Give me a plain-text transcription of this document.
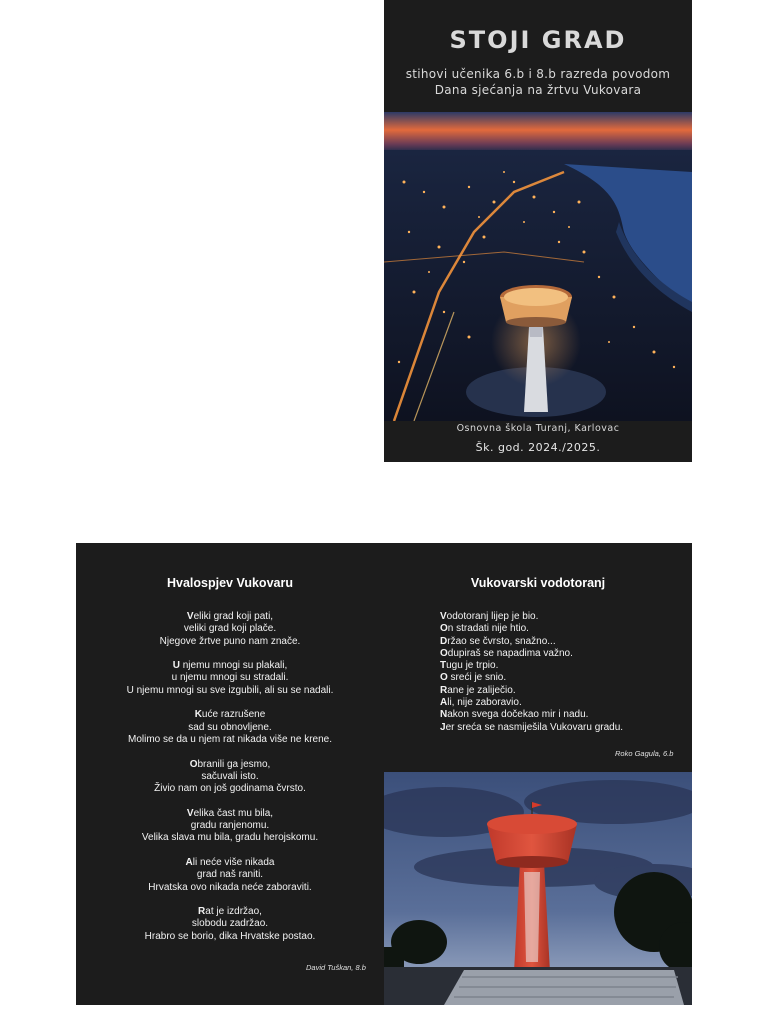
STOJI GRAD
stihovi učenika 6.b i 8.b razreda povodom
Dana sjećanja na žrtvu Vukovara
Osnovna škola Turanj, Karlovac
Šk. god. 2024./2025.
Hvalospjev Vukovaru
Veliki grad koji pati,
veliki grad koji plače.
Njegove žrtve puno nam znače.
U njemu mnogi su plakali,
u njemu mnogi su stradali.
U njemu mnogi su sve izgubili, ali su se nadali.
Kuće razrušene
sad su obnovljene.
Molimo se da u njem rat nikada više ne krene.
Obranili ga jesmo,
sačuvali isto.
Živio nam on još godinama čvrsto.
Velika čast mu bila,
gradu ranjenomu.
Velika slava mu bila, gradu herojskomu.
Ali neće više nikada
grad naš raniti.
Hrvatska ovo nikada neće zaboraviti.
Rat je izdržao,
slobodu zadržao.
Hrabro se borio, dika Hrvatske postao.
David Tuškan, 8.b
Vukovarski vodotoranj
Vodotoranj lijep je bio.
On stradati nije htio.
Držao se čvrsto, snažno...
Odupiraš se napadima važno.
Tugu je trpio.
O sreći je snio.
Rane je zaliječio.
Ali, nije zaboravio.
Nakon svega dočekao mir i nadu.
Jer sreća se nasmiješila Vukovaru gradu.
Roko Gagula, 6.b
